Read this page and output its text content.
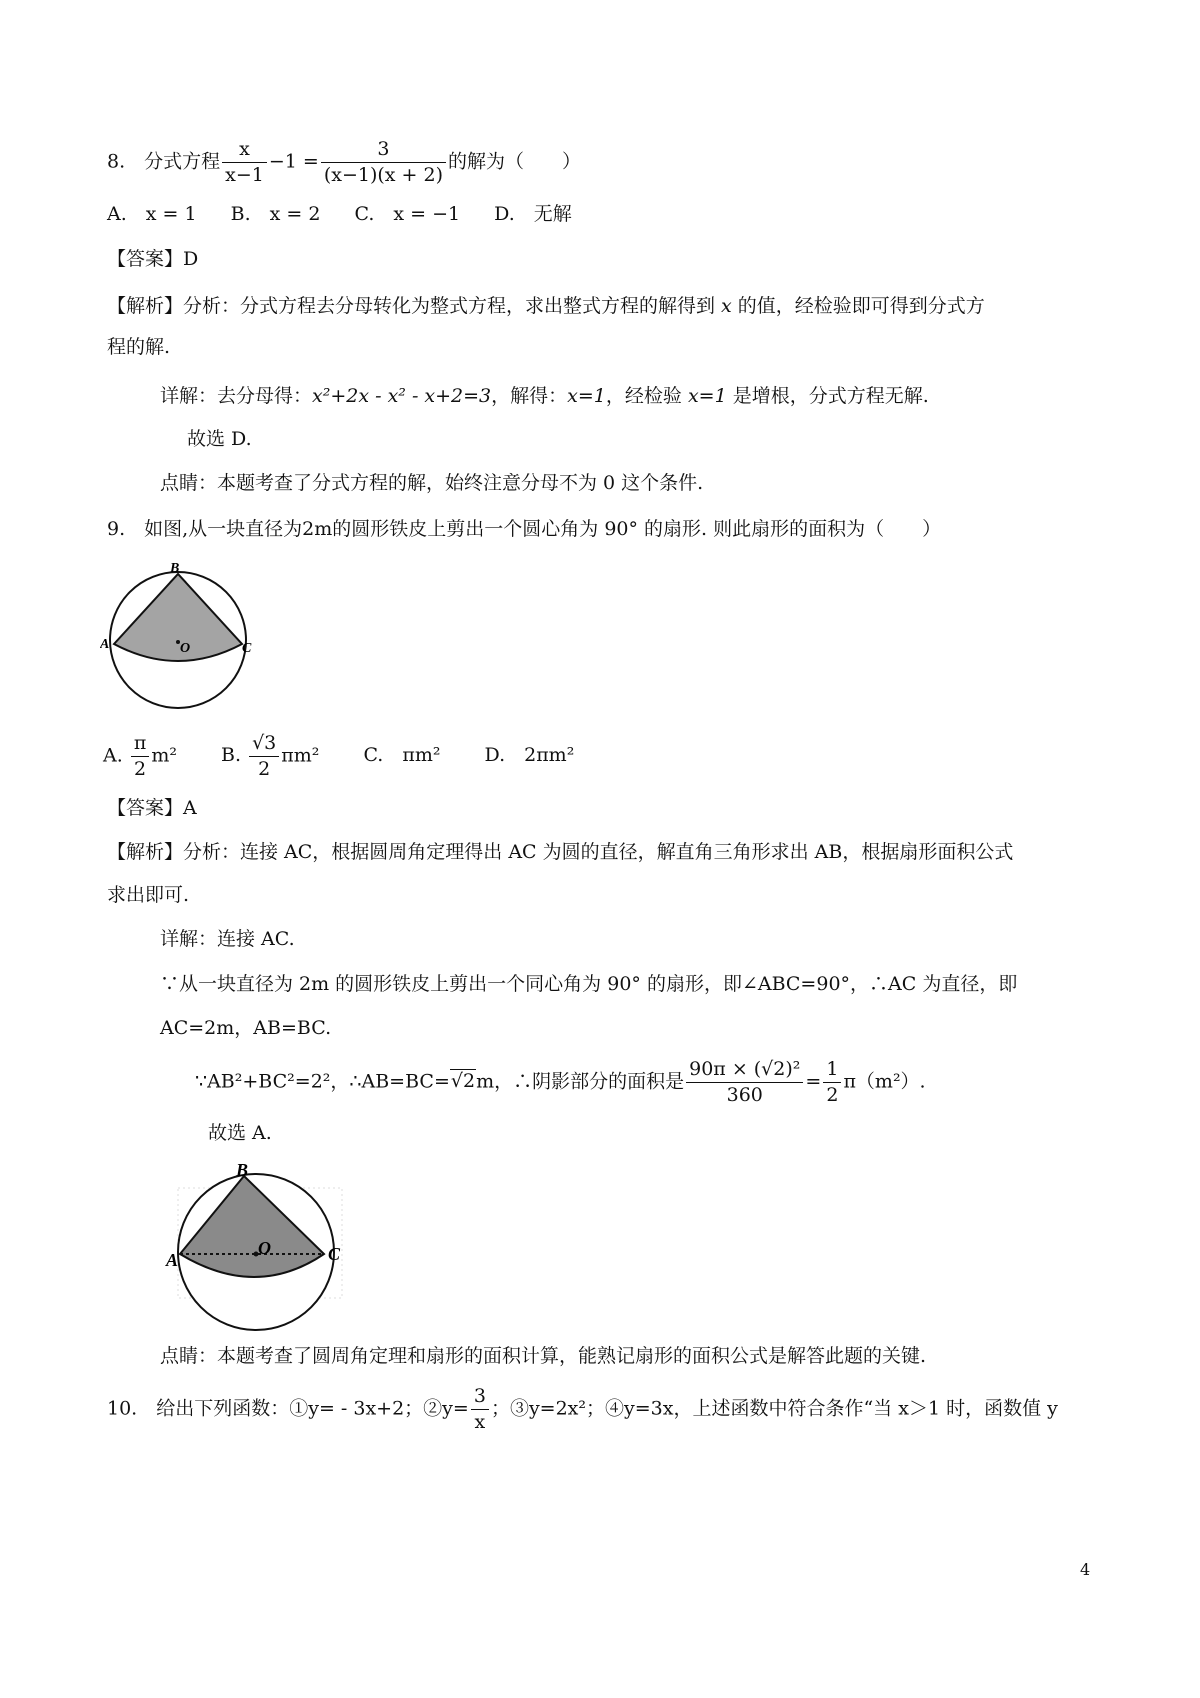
8.　分式方程 $\frac{x}{x-1} -1 = \frac{3}{(x-1)(x + 2)}$ 的解为（　　）
A.　x = 1 B.　x = 2 C.　x = −1 D.　无解
【答案】D
【解析】分析：分式方程去分母转化为整式方程，求出整式方程的解得到 x 的值，经检验即可得到分式方
程的解.
详解：去分母得：x²+2x - x² - x+2=3，解得：x=1，经检验 x=1 是增根，分式方程无解.
故选 D.
点睛：本题考查了分式方程的解，始终注意分母不为 0 这个条件.
9.　如图,从一块直径为2m的圆形铁皮上剪出一个圆心角为 90° 的扇形. 则此扇形的面积为（　　）
B
A	C
O
A. $\frac{\pi}{2} m^2$ B. $\frac{√3}{2} \pi m^2$ C.　πm² D.　2πm²
【答案】A
【解析】分析：连接 AC，根据圆周角定理得出 AC 为圆的直径，解直角三角形求出 AB，根据扇形面积公式
求出即可.
详解：连接 AC.
∵从一块直径为 2m 的圆形铁皮上剪出一个同心角为 90° 的扇形，即∠ABC=90°，∴AC 为直径，即
AC=2m，AB=BC.
∵AB²+BC²=2²，∴AB=BC=√2m，∴阴影部分的面积是 $\frac{\text{90π × (√2)²}}{360} = \frac{1}{2} \pi(m^2)$.
故选 A.
B
A	C
O
点睛：本题考查了圆周角定理和扇形的面积计算，能熟记扇形的面积公式是解答此题的关键.
10.　给出下列函数：①y= - 3x+2；②y= $\frac{3}{x}$ ；③y=2x²；④y=3x，上述函数中符合条作“当 x＞1 时，函数值 y
4
